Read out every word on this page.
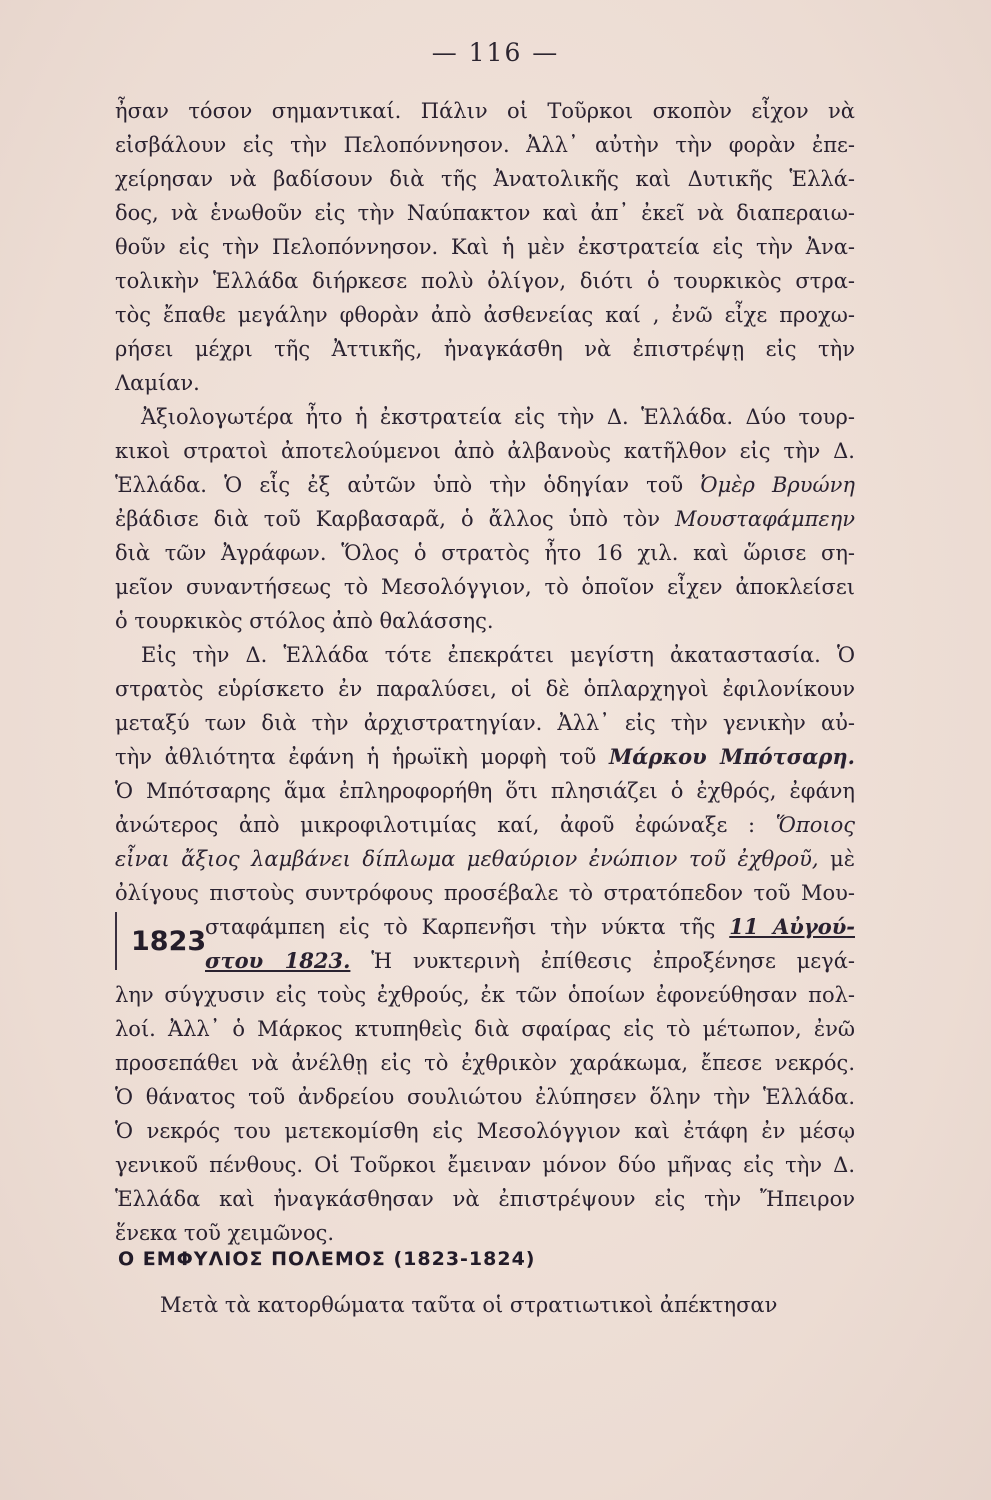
— 116 —
ἦσαν τόσον σημαντικαί. Πάλιν οἱ Τοῦρκοι σκοπὸν εἶχον νὰ
εἰσβάλουν εἰς τὴν Πελοπόννησον. Ἀλλ᾽ αὐτὴν τὴν φορὰν ἐπε-
χείρησαν νὰ βαδίσουν διὰ τῆς Ἀνατολικῆς καὶ Δυτικῆς Ἑλλά-
δος, νὰ ἑνωθοῦν εἰς τὴν Ναύπακτον καὶ ἀπ᾽ ἐκεῖ νὰ διαπεραιω-
θοῦν εἰς τὴν Πελοπόννησον. Καὶ ἡ μὲν ἐκστρατεία εἰς τὴν Ἀνα-
τολικὴν Ἑλλάδα διήρκεσε πολὺ ὀλίγον, διότι ὁ τουρκικὸς στρα-
τὸς ἔπαθε μεγάλην φθορὰν ἀπὸ ἀσθενείας καί , ἐνῶ εἶχε προχω-
ρήσει μέχρι τῆς Ἀττικῆς, ἠναγκάσθη νὰ ἐπιστρέψῃ εἰς τὴν
Λαμίαν.
Ἀξιολογωτέρα ἦτο ἡ ἐκστρατεία εἰς τὴν Δ. Ἑλλάδα. Δύο τουρ-
κικοὶ στρατοὶ ἀποτελούμενοι ἀπὸ ἀλβανοὺς κατῆλθον εἰς τὴν Δ.
Ἑλλάδα. Ὁ εἷς ἐξ αὐτῶν ὑπὸ τὴν ὁδηγίαν τοῦ Ὀμὲρ Βρυώνη
ἐβάδισε διὰ τοῦ Καρβασαρᾶ, ὁ ἄλλος ὑπὸ τὸν Μουσταφάμπεην
διὰ τῶν Ἀγράφων. Ὅλος ὁ στρατὸς ἦτο 16 χιλ. καὶ ὥρισε ση-
μεῖον συναντήσεως τὸ Μεσολόγγιον, τὸ ὁποῖον εἶχεν ἀποκλείσει
ὁ τουρκικὸς στόλος ἀπὸ θαλάσσης.
Εἰς τὴν Δ. Ἑλλάδα τότε ἐπεκράτει μεγίστη ἀκαταστασία. Ὁ
στρατὸς εὑρίσκετο ἐν παραλύσει, οἱ δὲ ὁπλαρχηγοὶ ἐφιλονίκουν
μεταξύ των διὰ τὴν ἀρχιστρατηγίαν. Ἀλλ᾽ εἰς τὴν γενικὴν αὐ-
τὴν ἀθλιότητα ἐφάνη ἡ ἡρωϊκὴ μορφὴ τοῦ Μάρκου Μπότσαρη.
Ὁ Μπότσαρης ἅμα ἐπληροφορήθη ὅτι πλησιάζει ὁ ἐχθρός, ἐφάνη
ἀνώτερος ἀπὸ μικροφιλοτιμίας καί, ἀφοῦ ἐφώναξε : Ὅποιος
εἶναι ἄξιος λαμβάνει δίπλωμα μεθαύριον ἐνώπιον τοῦ ἐχθροῦ, μὲ
ὀλίγους πιστοὺς συντρόφους προσέβαλε τὸ στρατόπεδον τοῦ Μου-
1823
σταφάμπεη εἰς τὸ Καρπενῆσι τὴν νύκτα τῆς 11 Αὐγού-
στου 1823. Ἡ νυκτερινὴ ἐπίθεσις ἐπροξένησε μεγά-
λην σύγχυσιν εἰς τοὺς ἐχθρούς, ἐκ τῶν ὁποίων ἐφονεύθησαν πολ-
λοί. Ἀλλ᾽ ὁ Μάρκος κτυπηθεὶς διὰ σφαίρας εἰς τὸ μέτωπον, ἐνῶ
προσεπάθει νὰ ἀνέλθῃ εἰς τὸ ἐχθρικὸν χαράκωμα, ἔπεσε νεκρός.
Ὁ θάνατος τοῦ ἀνδρείου σουλιώτου ἐλύπησεν ὅλην τὴν Ἑλλάδα.
Ὁ νεκρός του μετεκομίσθη εἰς Μεσολόγγιον καὶ ἐτάφη ἐν μέσῳ
γενικοῦ πένθους. Οἱ Τοῦρκοι ἔμειναν μόνον δύο μῆνας εἰς τὴν Δ.
Ἑλλάδα καὶ ἠναγκάσθησαν νὰ ἐπιστρέψουν εἰς τὴν Ἤπειρον
ἕνεκα τοῦ χειμῶνος.
Ο ΕΜΦΥΛΙΟΣ ΠΟΛΕΜΟΣ (1823-1824)
Μετὰ τὰ κατορθώματα ταῦτα οἱ στρατιωτικοὶ ἀπέκτησαν
